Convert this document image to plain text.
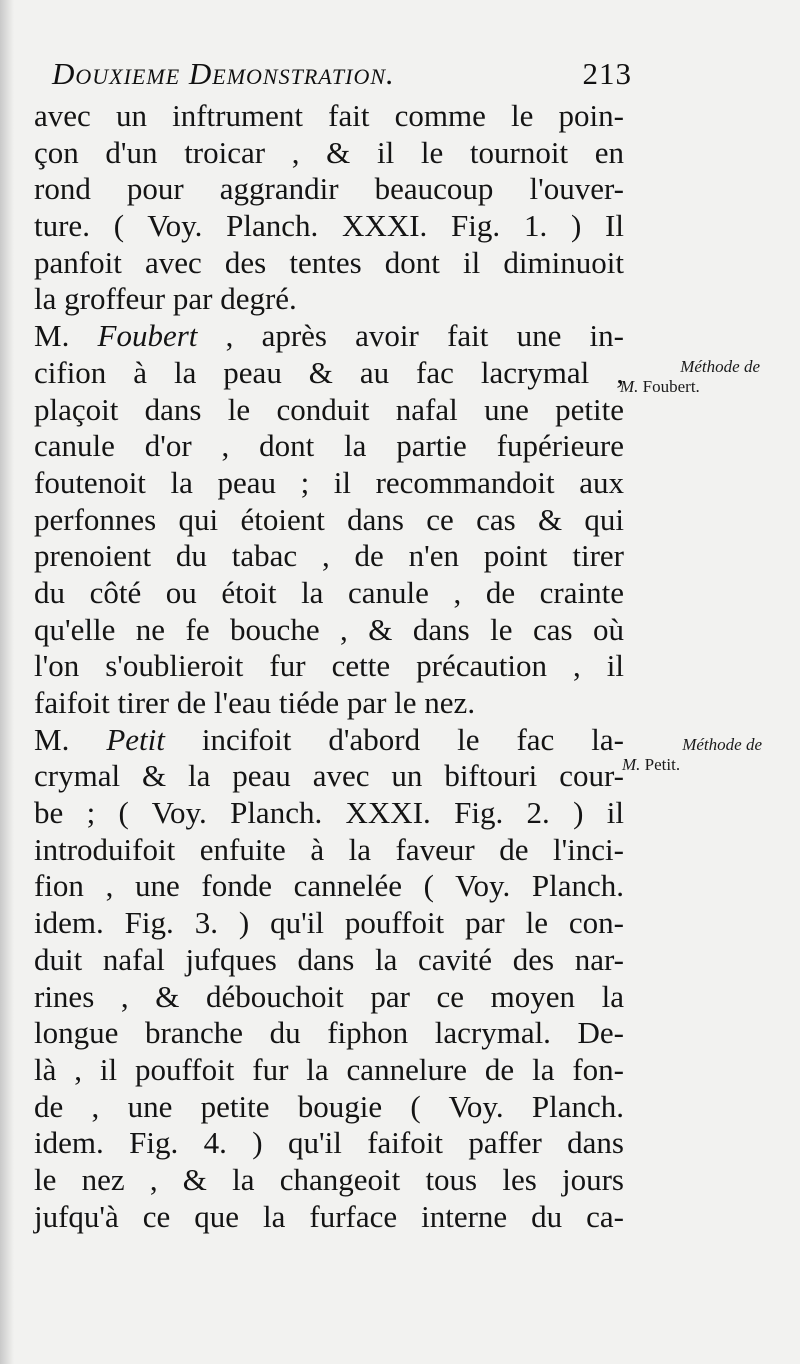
Douxieme Demonstration.	213
avec un inftrument fait comme le poin-
çon d'un troicar , & il le tournoit en
rond pour aggrandir beaucoup l'ouver-
ture. ( Voy. Planch. XXXI. Fig. 1. ) Il
panfoit avec des tentes dont il diminuoit
la groffeur par degré.
M. Foubert , après avoir fait une in-
cifion à la peau & au fac lacrymal ,
plaçoit dans le conduit nafal une petite
canule d'or , dont la partie fupérieure
foutenoit la peau ; il recommandoit aux
perfonnes qui étoient dans ce cas & qui
prenoient du tabac , de n'en point tirer
du côté ou étoit la canule , de crainte
qu'elle ne fe bouche , & dans le cas où
l'on s'oublieroit fur cette précaution , il
faifoit tirer de l'eau tiéde par le nez.
M. Petit incifoit d'abord le fac la-
crymal & la peau avec un biftouri cour-
be ; ( Voy. Planch. XXXI. Fig. 2. ) il
introduifoit enfuite à la faveur de l'inci-
fion , une fonde cannelée ( Voy. Planch.
idem. Fig. 3. ) qu'il pouffoit par le con-
duit nafal jufques dans la cavité des nar-
rines , & débouchoit par ce moyen la
longue branche du fiphon lacrymal. De-
là , il pouffoit fur la cannelure de la fon-
de , une petite bougie ( Voy. Planch.
idem. Fig. 4. ) qu'il faifoit paffer dans
le nez , & la changeoit tous les jours
jufqu'à ce que la furface interne du ca-
Méthode de
M. Foubert.
Méthode de
M. Petit.
